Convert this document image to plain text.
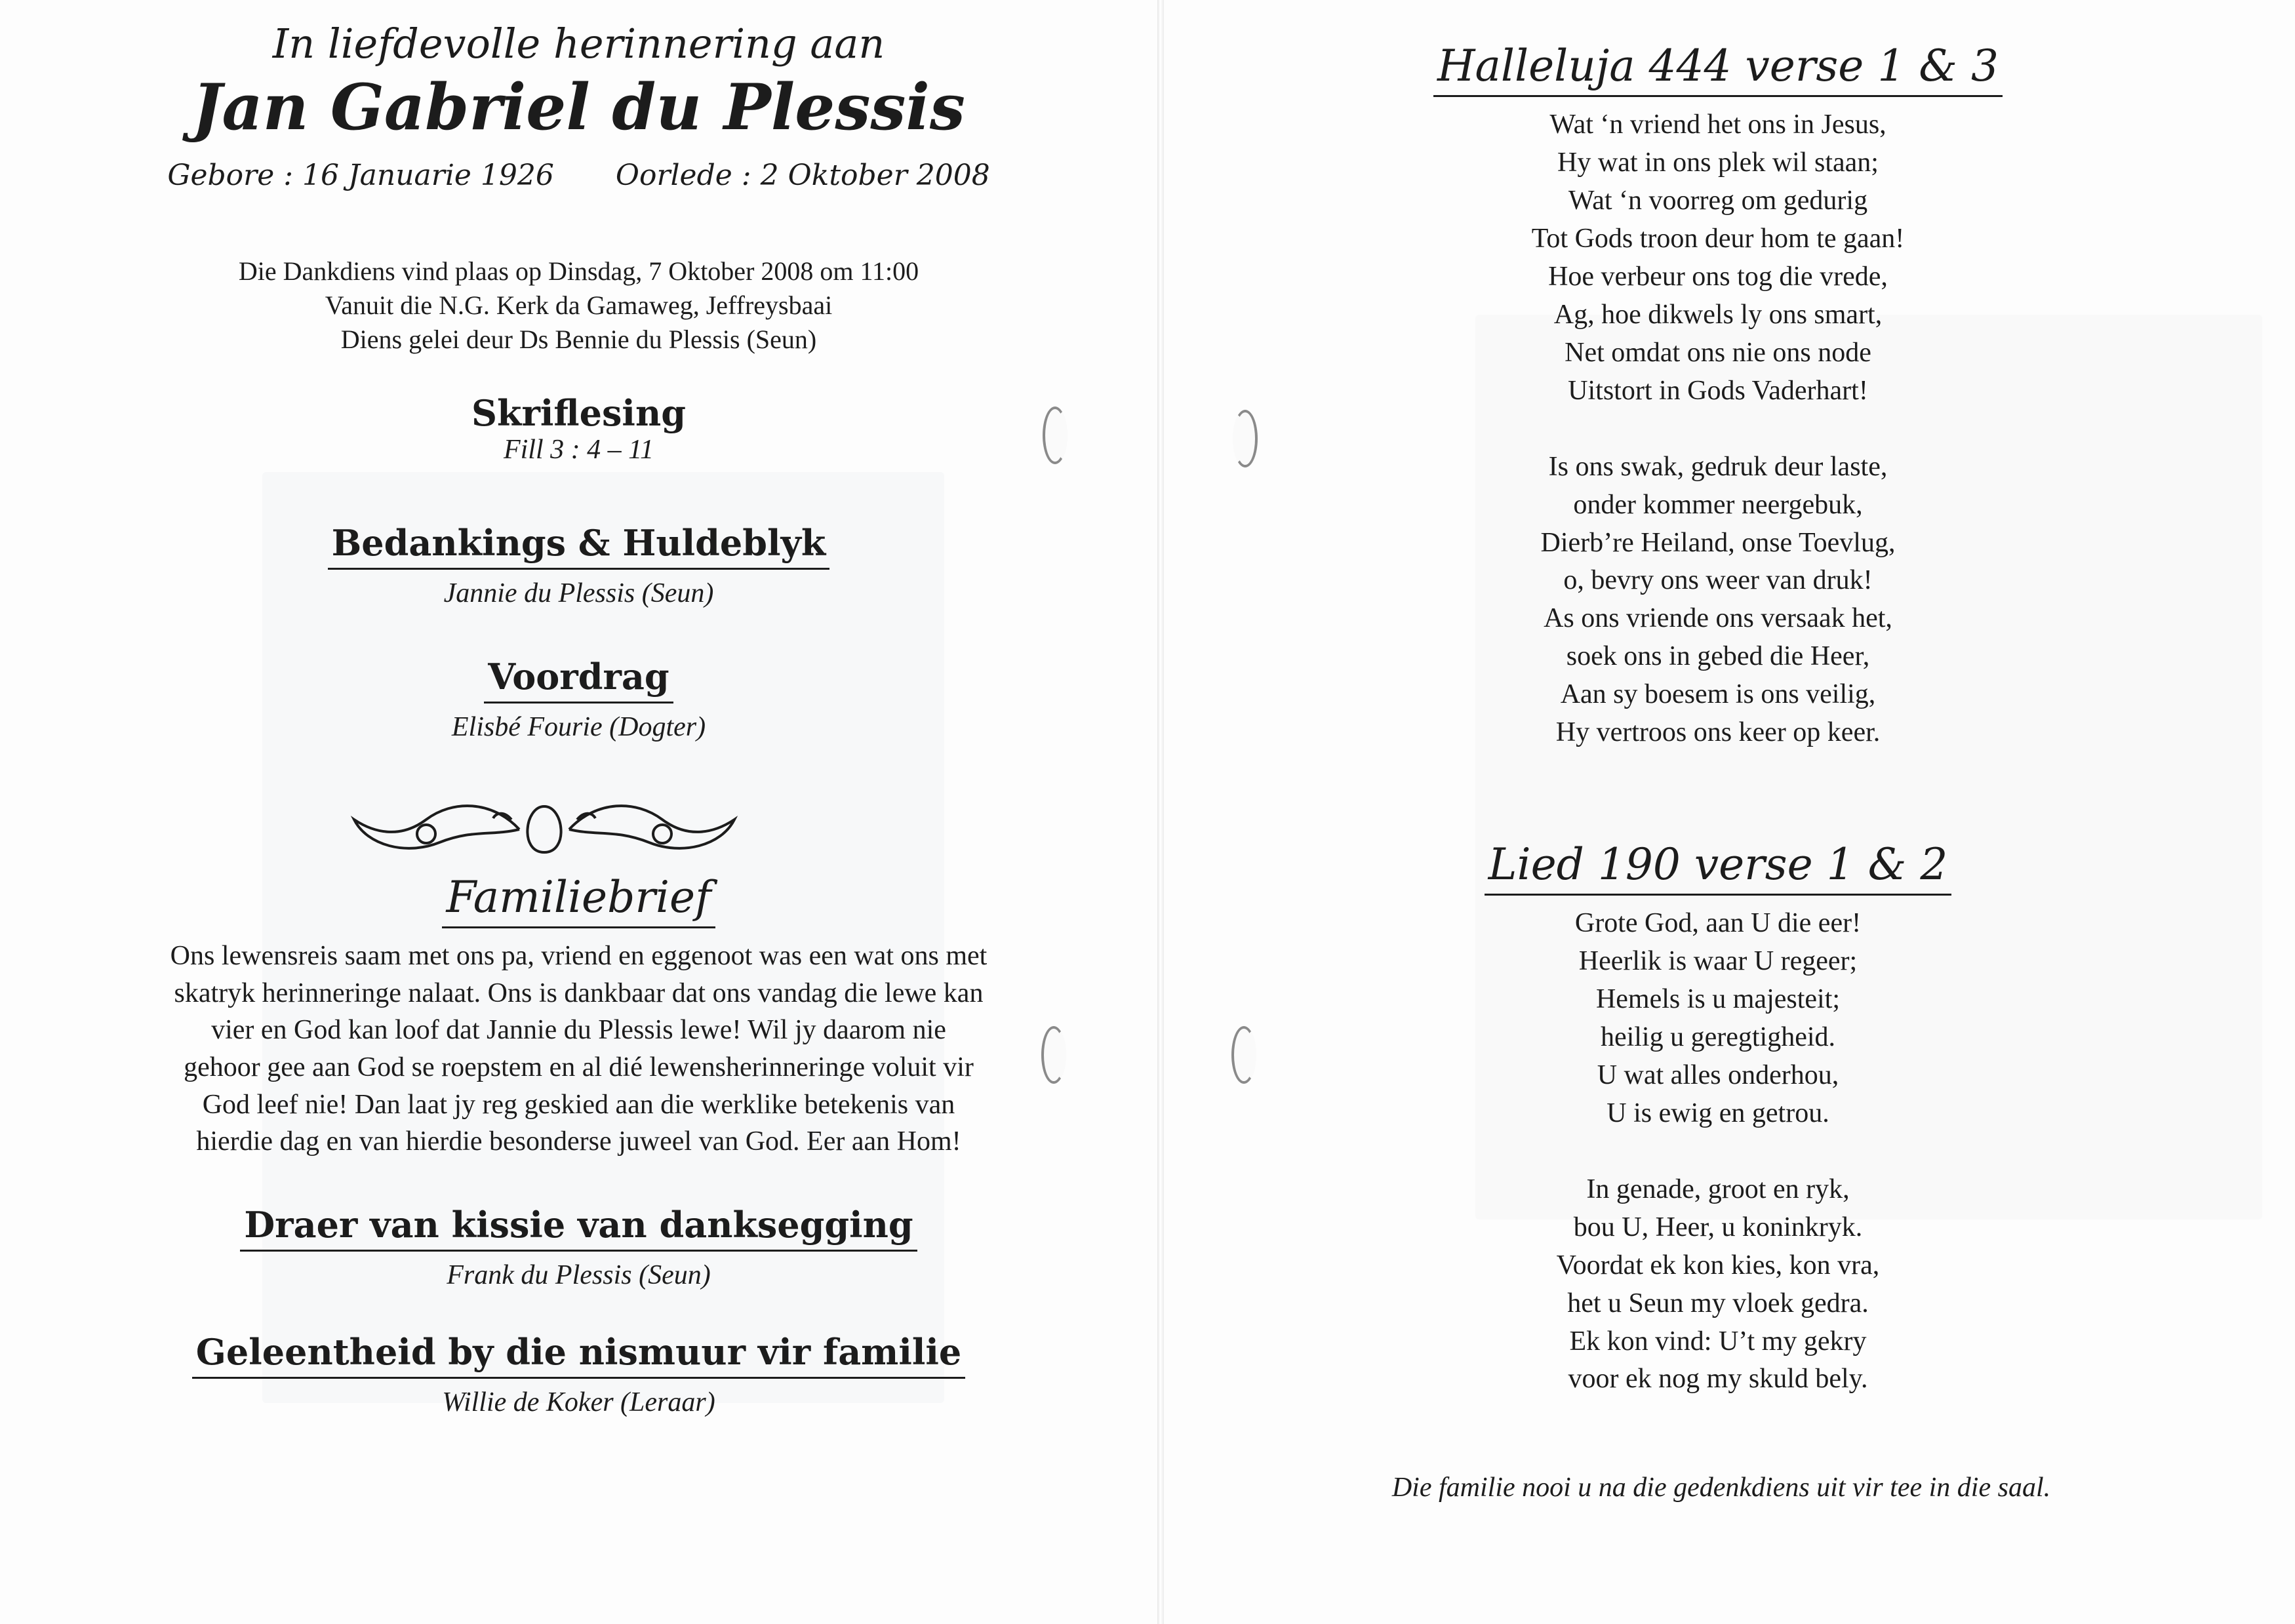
In liefdevolle herinnering aan
Jan Gabriel du Plessis
Gebore : 16 Januarie 1926 Oorlede : 2 Oktober 2008
Die Dankdiens vind plaas op Dinsdag, 7 Oktober 2008 om 11:00
Vanuit die N.G. Kerk da Gamaweg, Jeffreysbaai
Diens gelei deur Ds Bennie du Plessis (Seun)
Skriflesing
Fill 3 : 4 – 11
Bedankings & Huldeblyk
Jannie du Plessis (Seun)
Voordrag
Elisbé Fourie (Dogter)
Familiebrief
Ons lewensreis saam met ons pa, vriend en eggenoot was een wat ons met
skatryk herinneringe nalaat. Ons is dankbaar dat ons vandag die lewe kan
vier en God kan loof dat Jannie du Plessis lewe! Wil jy daarom nie
gehoor gee aan God se roepstem en al dié lewensherinneringe voluit vir
God leef nie! Dan laat jy reg geskied aan die werklike betekenis van
hierdie dag en van hierdie besonderse juweel van God. Eer aan Hom!
Draer van kissie van danksegging
Frank du Plessis (Seun)
Geleentheid by die nismuur vir familie
Willie de Koker (Leraar)
Halleluja 444 verse 1 & 3
Wat ‘n vriend het ons in Jesus,
Hy wat in ons plek wil staan;
Wat ‘n voorreg om gedurig
Tot Gods troon deur hom te gaan!
Hoe verbeur ons tog die vrede,
Ag, hoe dikwels ly ons smart,
Net omdat ons nie ons node
Uitstort in Gods Vaderhart!
Is ons swak, gedruk deur laste,
onder kommer neergebuk,
Dierb’re Heiland, onse Toevlug,
o, bevry ons weer van druk!
As ons vriende ons versaak het,
soek ons in gebed die Heer,
Aan sy boesem is ons veilig,
Hy vertroos ons keer op keer.
Lied 190 verse 1 & 2
Grote God, aan U die eer!
Heerlik is waar U regeer;
Hemels is u majesteit;
heilig u geregtigheid.
U wat alles onderhou,
U is ewig en getrou.
In genade, groot en ryk,
bou U, Heer, u koninkryk.
Voordat ek kon kies, kon vra,
het u Seun my vloek gedra.
Ek kon vind: U’t my gekry
voor ek nog my skuld bely.
Die familie nooi u na die gedenkdiens uit vir tee in die saal.
